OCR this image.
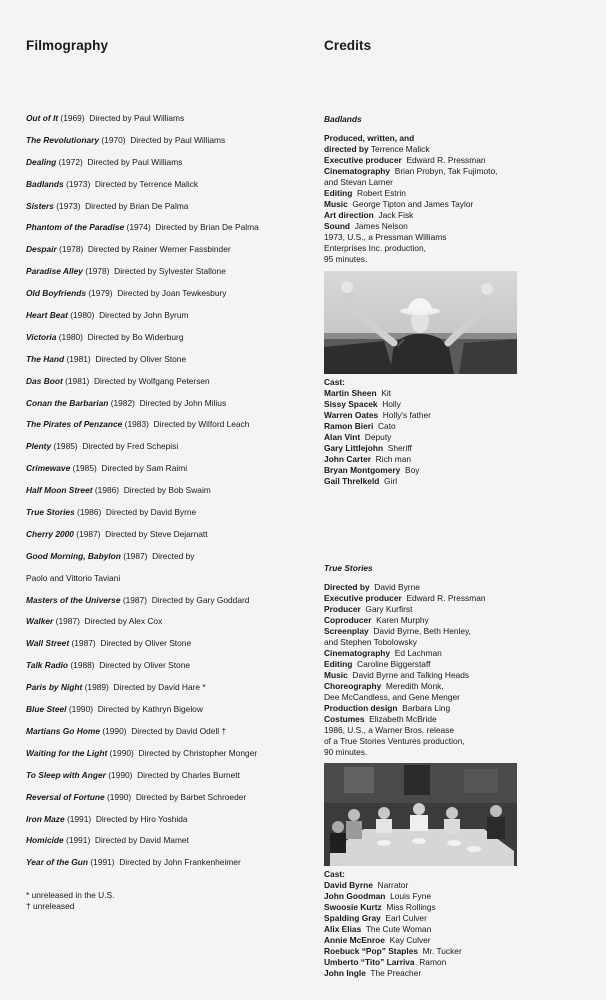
Filmography	Credits
Out of It (1969)  Directed by Paul Williams
The Revolutionary (1970)  Directed by Paul Williams
Dealing (1972)  Directed by Paul Williams
Badlands (1973)  Directed by Terrence Malick
Sisters (1973)  Directed by Brian De Palma
Phantom of the Paradise (1974)  Directed by Brian De Palma
Despair (1978)  Directed by Rainer Werner Fassbinder
Paradise Alley (1978)  Directed by Sylvester Stallone
Old Boyfriends (1979)  Directed by Joan Tewkesbury
Heart Beat (1980)  Directed by John Byrum
Victoria (1980)  Directed by Bo Widerburg
The Hand (1981)  Directed by Oliver Stone
Das Boot (1981)  Directed by Wolfgang Petersen
Conan the Barbarian (1982)  Directed by John Milius
The Pirates of Penzance (1983)  Directed by Wilford Leach
Plenty (1985)  Directed by Fred Schepisi
Crimewave (1985)  Directed by Sam Raimi
Half Moon Street (1986)  Directed by Bob Swaim
True Stories (1986)  Directed by David Byrne
Cherry 2000 (1987)  Directed by Steve Dejarnatt
Good Morning, Babylon (1987)  Directed by
Paolo and Vittorio Taviani
Masters of the Universe (1987)  Directed by Gary Goddard
Walker (1987)  Directed by Alex Cox
Wall Street (1987)  Directed by Oliver Stone
Talk Radio (1988)  Directed by Oliver Stone
Paris by Night (1989)  Directed by David Hare *
Blue Steel (1990)  Directed by Kathryn Bigelow
Martians Go Home (1990)  Directed by David Odell †
Waiting for the Light (1990)  Directed by Christopher Monger
To Sleep with Anger (1990)  Directed by Charles Burnett
Reversal of Fortune (1990)  Directed by Barbet Schroeder
Iron Maze (1991)  Directed by Hiro Yoshida
Homicide (1991)  Directed by David Mamet
Year of the Gun (1991)  Directed by John Frankenheimer
* unreleased in the U.S.
† unreleased
Badlands
Produced, written, and
directed by Terrence Malick
Executive producer  Edward R. Pressman
Cinematography  Brian Probyn, Tak Fujimoto,
and Stevan Larner
Editing  Robert Estrin
Music  George Tipton and James Taylor
Art direction  Jack Fisk
Sound  James Nelson
1973, U.S., a Pressman Williams
Enterprises Inc. production,
95 minutes.
Cast:
Martin Sheen  Kit
Sissy Spacek  Holly
Warren Oates  Holly's father
Ramon Bieri  Cato
Alan Vint  Deputy
Gary Littlejohn  Sheriff
John Carter  Rich man
Bryan Montgomery  Boy
Gail Threlkeld  Girl
True Stories
Directed by  David Byrne
Executive producer  Edward R. Pressman
Producer  Gary Kurfirst
Coproducer  Karen Murphy
Screenplay  David Byrne, Beth Henley,
and Stephen Tobolowsky
Cinematography  Ed Lachman
Editing  Caroline Biggerstaff
Music  David Byrne and Talking Heads
Choreography  Meredith Monk,
Dee McCandless, and Gene Menger
Production design  Barbara Ling
Costumes  Elizabeth McBride
1986, U.S., a Warner Bros. release
of a True Stories Ventures production,
90 minutes.
Cast:
David Byrne  Narrator
John Goodman  Louis Fyne
Swoosie Kurtz  Miss Rollings
Spalding Gray  Earl Culver
Alix Elias  The Cute Woman
Annie McEnroe  Kay Culver
Roebuck “Pop” Staples  Mr. Tucker
Umberto “Tito” Larriva  Ramon
John Ingle  The Preacher
